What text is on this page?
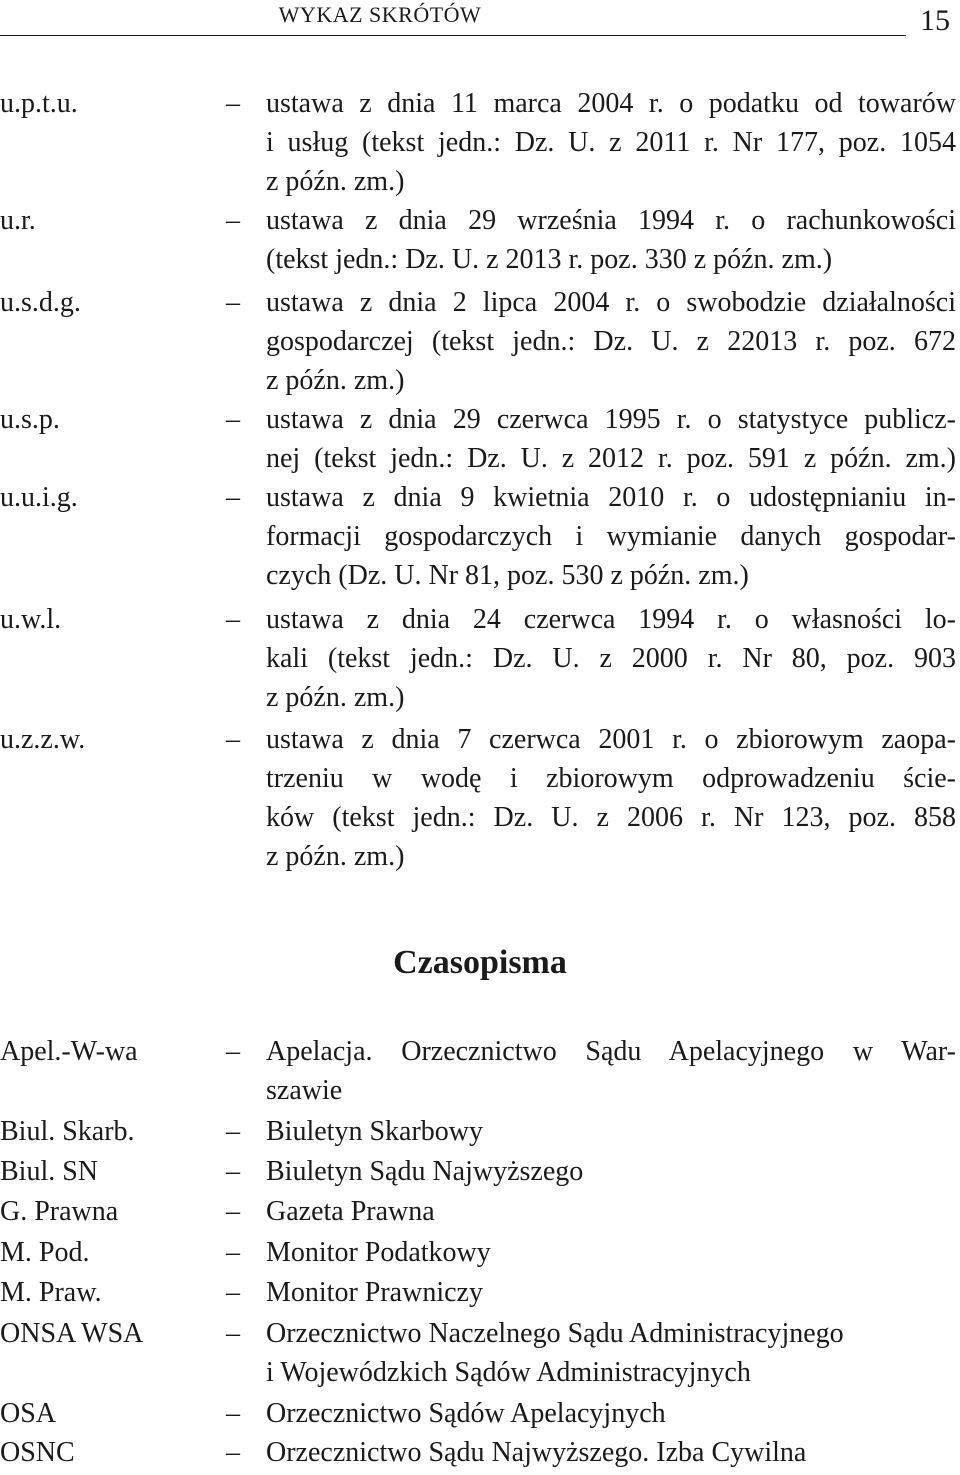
WYKAZ SKRÓTÓW	15
u.p.t.u.	– ustawa z dnia 11 marca 2004 r. o podatku od towarów
i usług (tekst jedn.: Dz. U. z 2011 r. Nr 177, poz. 1054
z późn. zm.)
u.r.	– ustawa z dnia 29 września 1994 r. o rachunkowości
(tekst jedn.: Dz. U. z 2013 r. poz. 330 z późn. zm.)
u.s.d.g.	– ustawa z dnia 2 lipca 2004 r. o swobodzie działalności
gospodarczej (tekst jedn.: Dz. U. z 22013 r. poz. 672
z późn. zm.)
u.s.p.	– ustawa z dnia 29 czerwca 1995 r. o statystyce publicz-
nej (tekst jedn.: Dz. U. z 2012 r. poz. 591 z późn. zm.)
u.u.i.g.	– ustawa z dnia 9 kwietnia 2010 r. o udostępnianiu in-
formacji gospodarczych i wymianie danych gospodar-
czych (Dz. U. Nr 81, poz. 530 z późn. zm.)
u.w.l.	– ustawa z dnia 24 czerwca 1994 r. o własności lo-
kali (tekst jedn.: Dz. U. z 2000 r. Nr 80, poz. 903
z późn. zm.)
u.z.z.w.	– ustawa z dnia 7 czerwca 2001 r. o zbiorowym zaopa-
trzeniu w wodę i zbiorowym odprowadzeniu ście-
ków (tekst jedn.: Dz. U. z 2006 r. Nr 123, poz. 858
z późn. zm.)
Czasopisma
Apel.-W-wa	– Apelacja. Orzecznictwo Sądu Apelacyjnego w War-
szawie
Biul. Skarb.	– Biuletyn Skarbowy
Biul. SN	– Biuletyn Sądu Najwyższego
G. Prawna	– Gazeta Prawna
M. Pod.	– Monitor Podatkowy
M. Praw.	– Monitor Prawniczy
ONSA WSA	– Orzecznictwo Naczelnego Sądu Administracyjnego
i Wojewódzkich Sądów Administracyjnych
OSA	– Orzecznictwo Sądów Apelacyjnych
OSNC	– Orzecznictwo Sądu Najwyższego. Izba Cywilna
